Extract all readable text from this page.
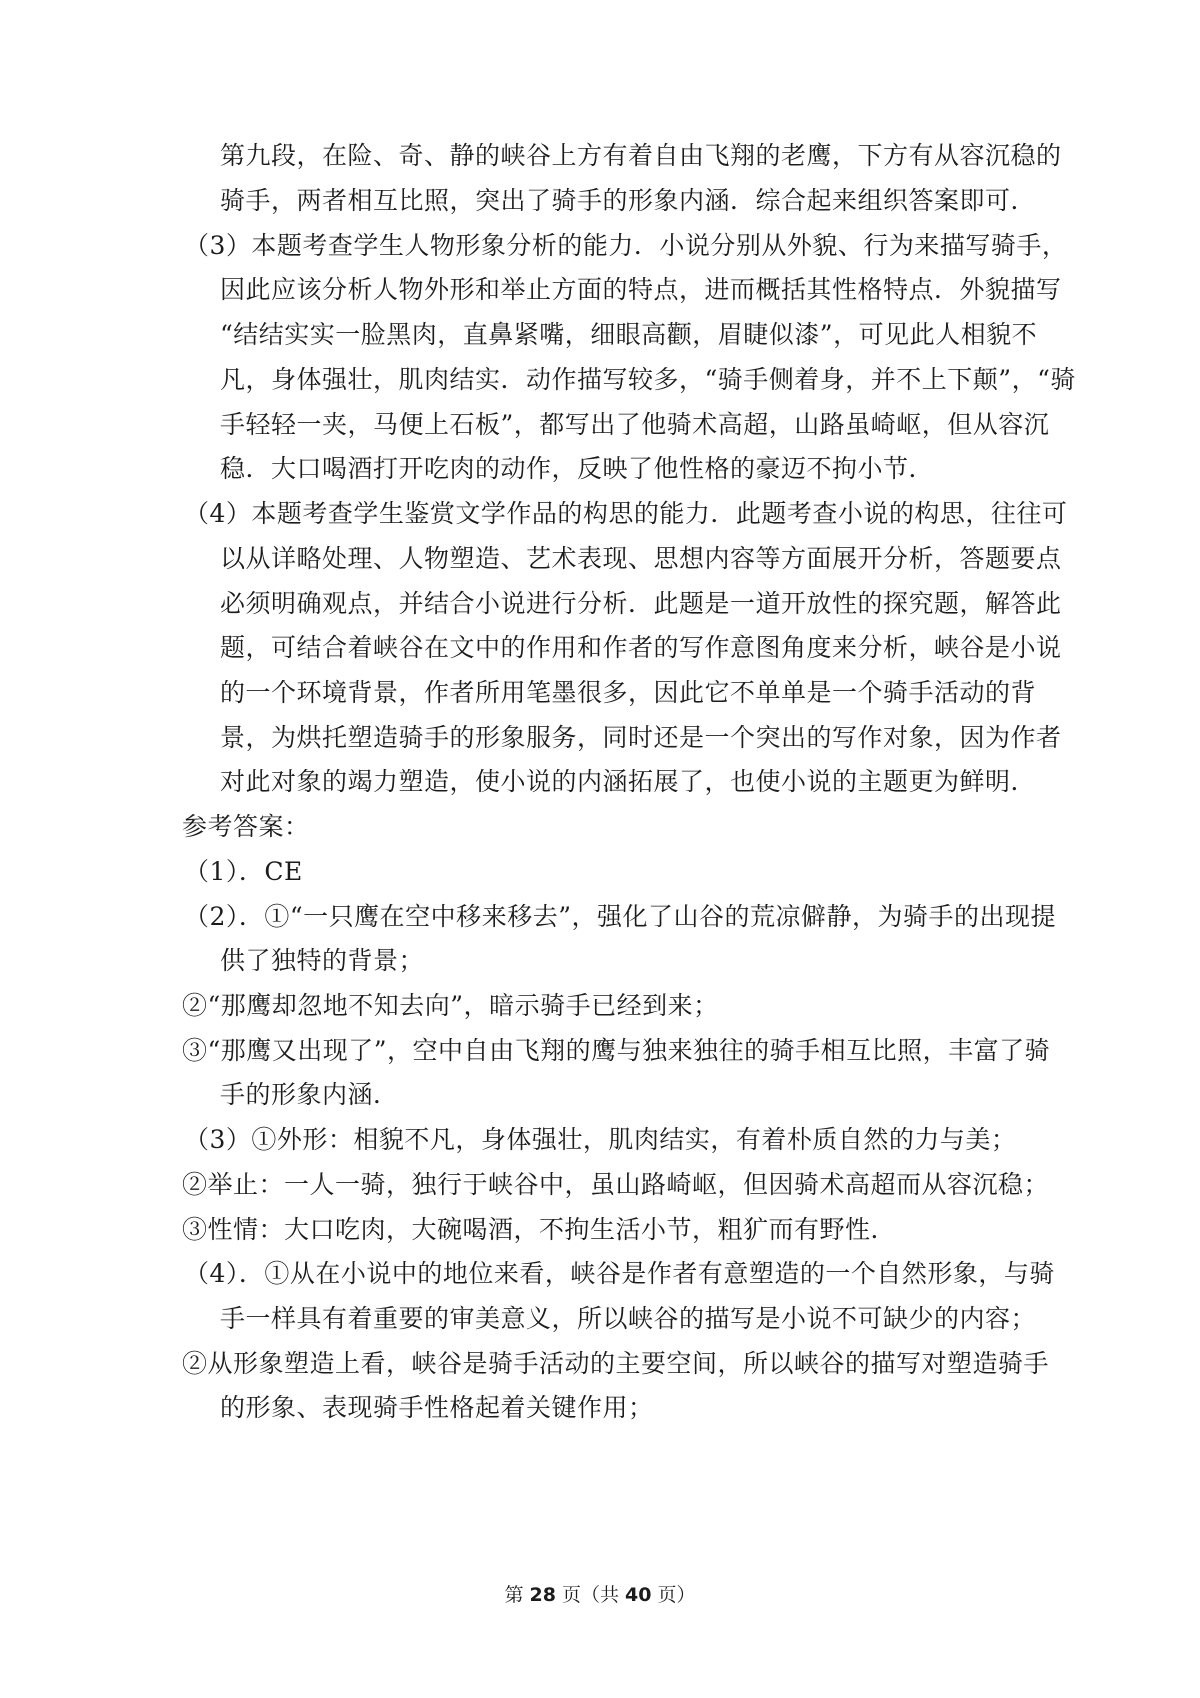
第九段，在险、奇、静的峡谷上方有着自由飞翔的老鹰，下方有从容沉稳的
骑手，两者相互比照，突出了骑手的形象内涵．综合起来组织答案即可．
（3）本题考查学生人物形象分析的能力．小说分别从外貌、行为来描写骑手，
因此应该分析人物外形和举止方面的特点，进而概括其性格特点．外貌描写
“结结实实一脸黑肉，直鼻紧嘴，细眼高颧，眉睫似漆”，可见此人相貌不
凡，身体强壮，肌肉结实．动作描写较多，“骑手侧着身，并不上下颠”，“骑
手轻轻一夹，马便上石板”，都写出了他骑术高超，山路虽崎岖，但从容沉
稳．大口喝酒打开吃肉的动作，反映了他性格的豪迈不拘小节．
（4）本题考查学生鉴赏文学作品的构思的能力．此题考查小说的构思，往往可
以从详略处理、人物塑造、艺术表现、思想内容等方面展开分析，答题要点
必须明确观点，并结合小说进行分析．此题是一道开放性的探究题，解答此
题，可结合着峡谷在文中的作用和作者的写作意图角度来分析，峡谷是小说
的一个环境背景，作者所用笔墨很多，因此它不单单是一个骑手活动的背
景，为烘托塑造骑手的形象服务，同时还是一个突出的写作对象，因为作者
对此对象的竭力塑造，使小说的内涵拓展了，也使小说的主题更为鲜明．
参考答案：
（1）．CE
（2）．①“一只鹰在空中移来移去”，强化了山谷的荒凉僻静，为骑手的出现提
供了独特的背景；
②“那鹰却忽地不知去向”，暗示骑手已经到来；
③“那鹰又出现了”，空中自由飞翔的鹰与独来独往的骑手相互比照，丰富了骑
手的形象内涵．
（3）①外形：相貌不凡，身体强壮，肌肉结实，有着朴质自然的力与美；
②举止：一人一骑，独行于峡谷中，虽山路崎岖，但因骑术高超而从容沉稳；
③性情：大口吃肉，大碗喝酒，不拘生活小节，粗犷而有野性．
（4）．①从在小说中的地位来看，峡谷是作者有意塑造的一个自然形象，与骑
手一样具有着重要的审美意义，所以峡谷的描写是小说不可缺少的内容；
②从形象塑造上看，峡谷是骑手活动的主要空间，所以峡谷的描写对塑造骑手
的形象、表现骑手性格起着关键作用；
第 28 页（共 40 页）
